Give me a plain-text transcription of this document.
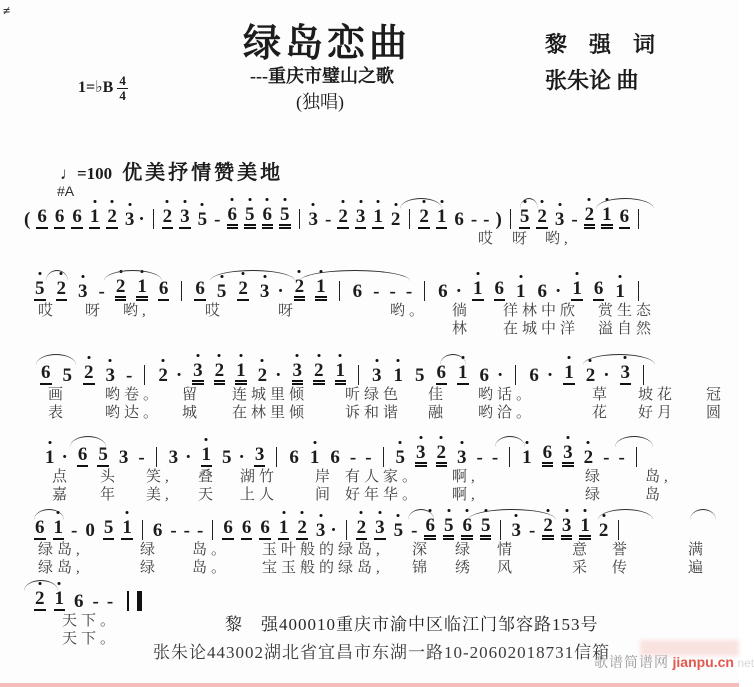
≠
绿岛恋曲	黎　强　词
张朱论 曲
---重庆市璧山之歌
(独唱)
1=♭B $\frac{4}{4}$
♩=100 优美抒情赞美地
#A
( 6 6 6 1 2 3 · 2 3 5 - 6 5 6 5 3 - 2 3 1 2 2 1 6 - - ) 5 2 3 - 2 1 6
哎 呀 哟,
5 2 3 - 2 1 6 6 5 2 3 · 2 1 6 - - - 6 · 1 6 1 6 · 1 6 1
哎 呀 哟,	哎	呀	哟。 徜 徉林中欣 赏生态
林 在城中洋 溢自然
6 5 2 3 - 2 · 3 2 1 2 · 3 2 1 3 1 5 6 1 6 · 6 · 1 2 · 3
画	哟卷。 留 连城里倾 听绿色 佳 哟话。	草 坡花 冠
表	哟达。 城 在林里倾 诉和谐 融 哟洽。	花 好月 圆
1 · 6 5 3 - 3 · 1 5 · 3 6 1 6 - - 5 3 2 3 - - 1 6 3 2 - -
点 头 笑, 叠 湖竹 岸 有人家。 啊,	绿	岛,
嘉 年 美, 天 上人 间 好年华。 啊,	绿	岛
6 1 - 0 5 1 6 - - - 6 6 6 1 2 3 · 2 3 5 - 6 5 6 5 3 - 2 3 1 2
绿岛,	绿 岛。 玉叶般的绿岛, 深 绿 情	意 誉	满
绿岛,	绿 岛。 宝玉般的绿岛, 锦 绣 风	采 传	遍
2 1 6 - -
天下。
天下。
黎　强400010重庆市渝中区临江门邹容路153号
张朱论443002湖北省宜昌市东湖一路10-20602018731信箱
歌谱简谱网 jianpu.cn net
